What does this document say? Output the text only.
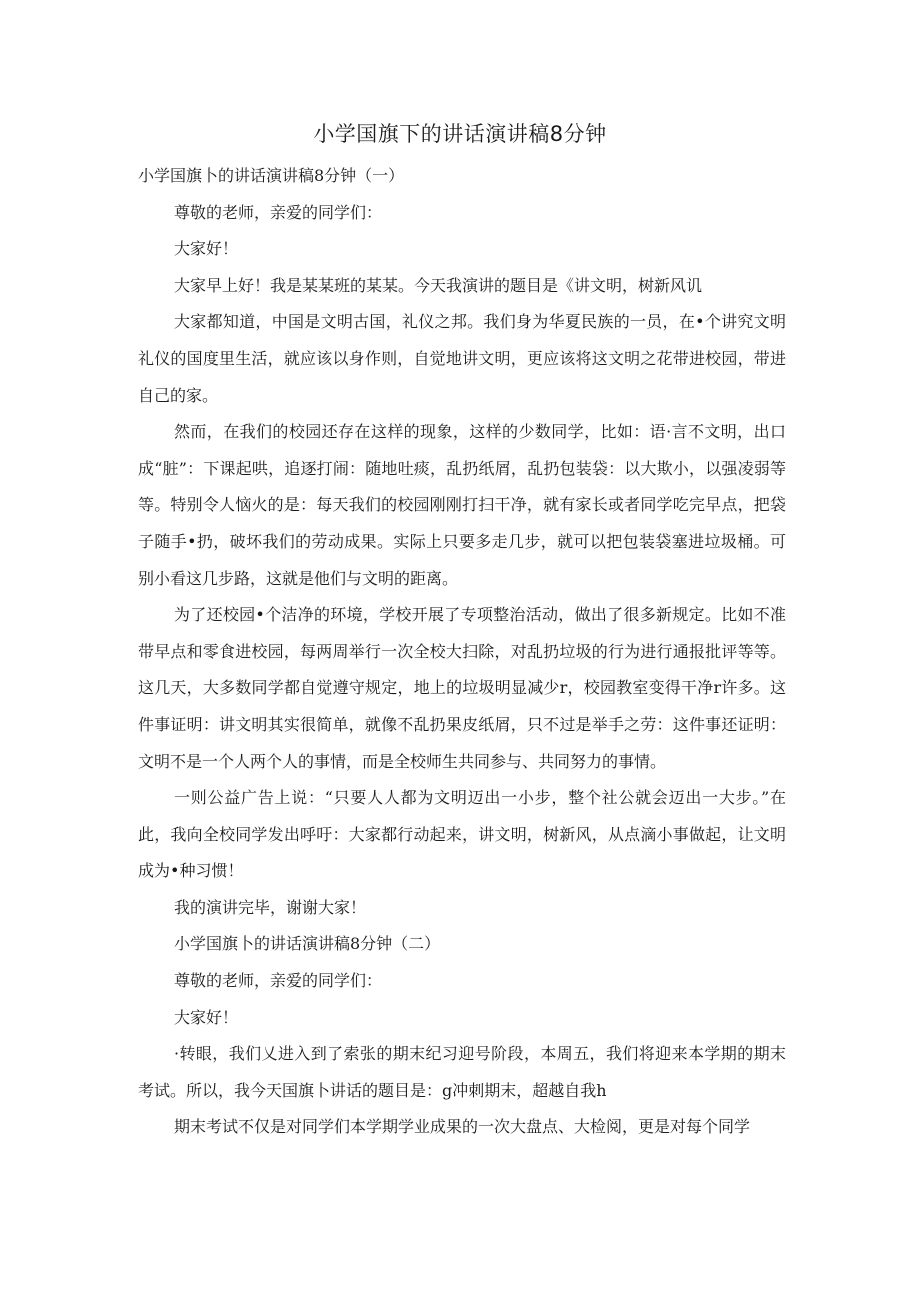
小学国旗下的讲话演讲稿8分钟

小学国旗卜的讲话演讲稿8分钟（一）

尊敬的老师，亲爱的同学们：

大家好！

大家早上好！我是某某班的某某。今天我演讲的题目是《讲文明，树新风讥

大家都知道，中国是文明古国，礼仪之邦。我们身为华夏民族的一员，在•个讲究文明礼仪的国度里生活，就应该以身作则，自觉地讲文明，更应该将这文明之花带进校园，带进自己的家。

然而，在我们的校园还存在这样的现象，这样的少数同学，比如：语·言不文明，出口成“脏”：下课起哄，追逐打闹：随地吐痰，乱扔纸屑，乱扔包装袋：以大欺小，以强凌弱等等。特别令人恼火的是：每天我们的校园刚刚打扫干净，就有家长或者同学吃完早点，把袋子随手•扔，破坏我们的劳动成果。实际上只要多走几步，就可以把包装袋塞进垃圾桶。可别小看这几步路，这就是他们与文明的距离。

为了还校园•个洁净的环境，学校开展了专项整治活动，做出了很多新规定。比如不准带早点和零食进校园，每两周举行一次全校大扫除，对乱扔垃圾的行为进行通报批评等等。这几天，大多数同学都自觉遵守规定，地上的垃圾明显减少r，校园教室变得干净r许多。这件事证明：讲文明其实很简单，就像不乱扔果皮纸屑，只不过是举手之劳：这件事还证明：文明不是一个人两个人的事情，而是全校师生共同参与、共同努力的事情。

一则公益广告上说：“只要人人都为文明迈出一小步，整个社公就会迈出一大步。”在此，我向全校同学发出呼吁：大家都行动起来，讲文明，树新风，从点滴小事做起，让文明成为•种习惯！

我的演讲完毕，谢谢大家！

小学国旗卜的讲话演讲稿8分钟（二）

尊敬的老师，亲爱的同学们：

大家好！

·转眼，我们乂进入到了索张的期末纪习迎号阶段，本周五，我们将迎来本学期的期末考试。所以，我今天国旗卜讲话的题目是：g冲刺期末，超越自我h

期末考试不仅是对同学们本学期学业成果的一次大盘点、大检阅，更是对每个同学
